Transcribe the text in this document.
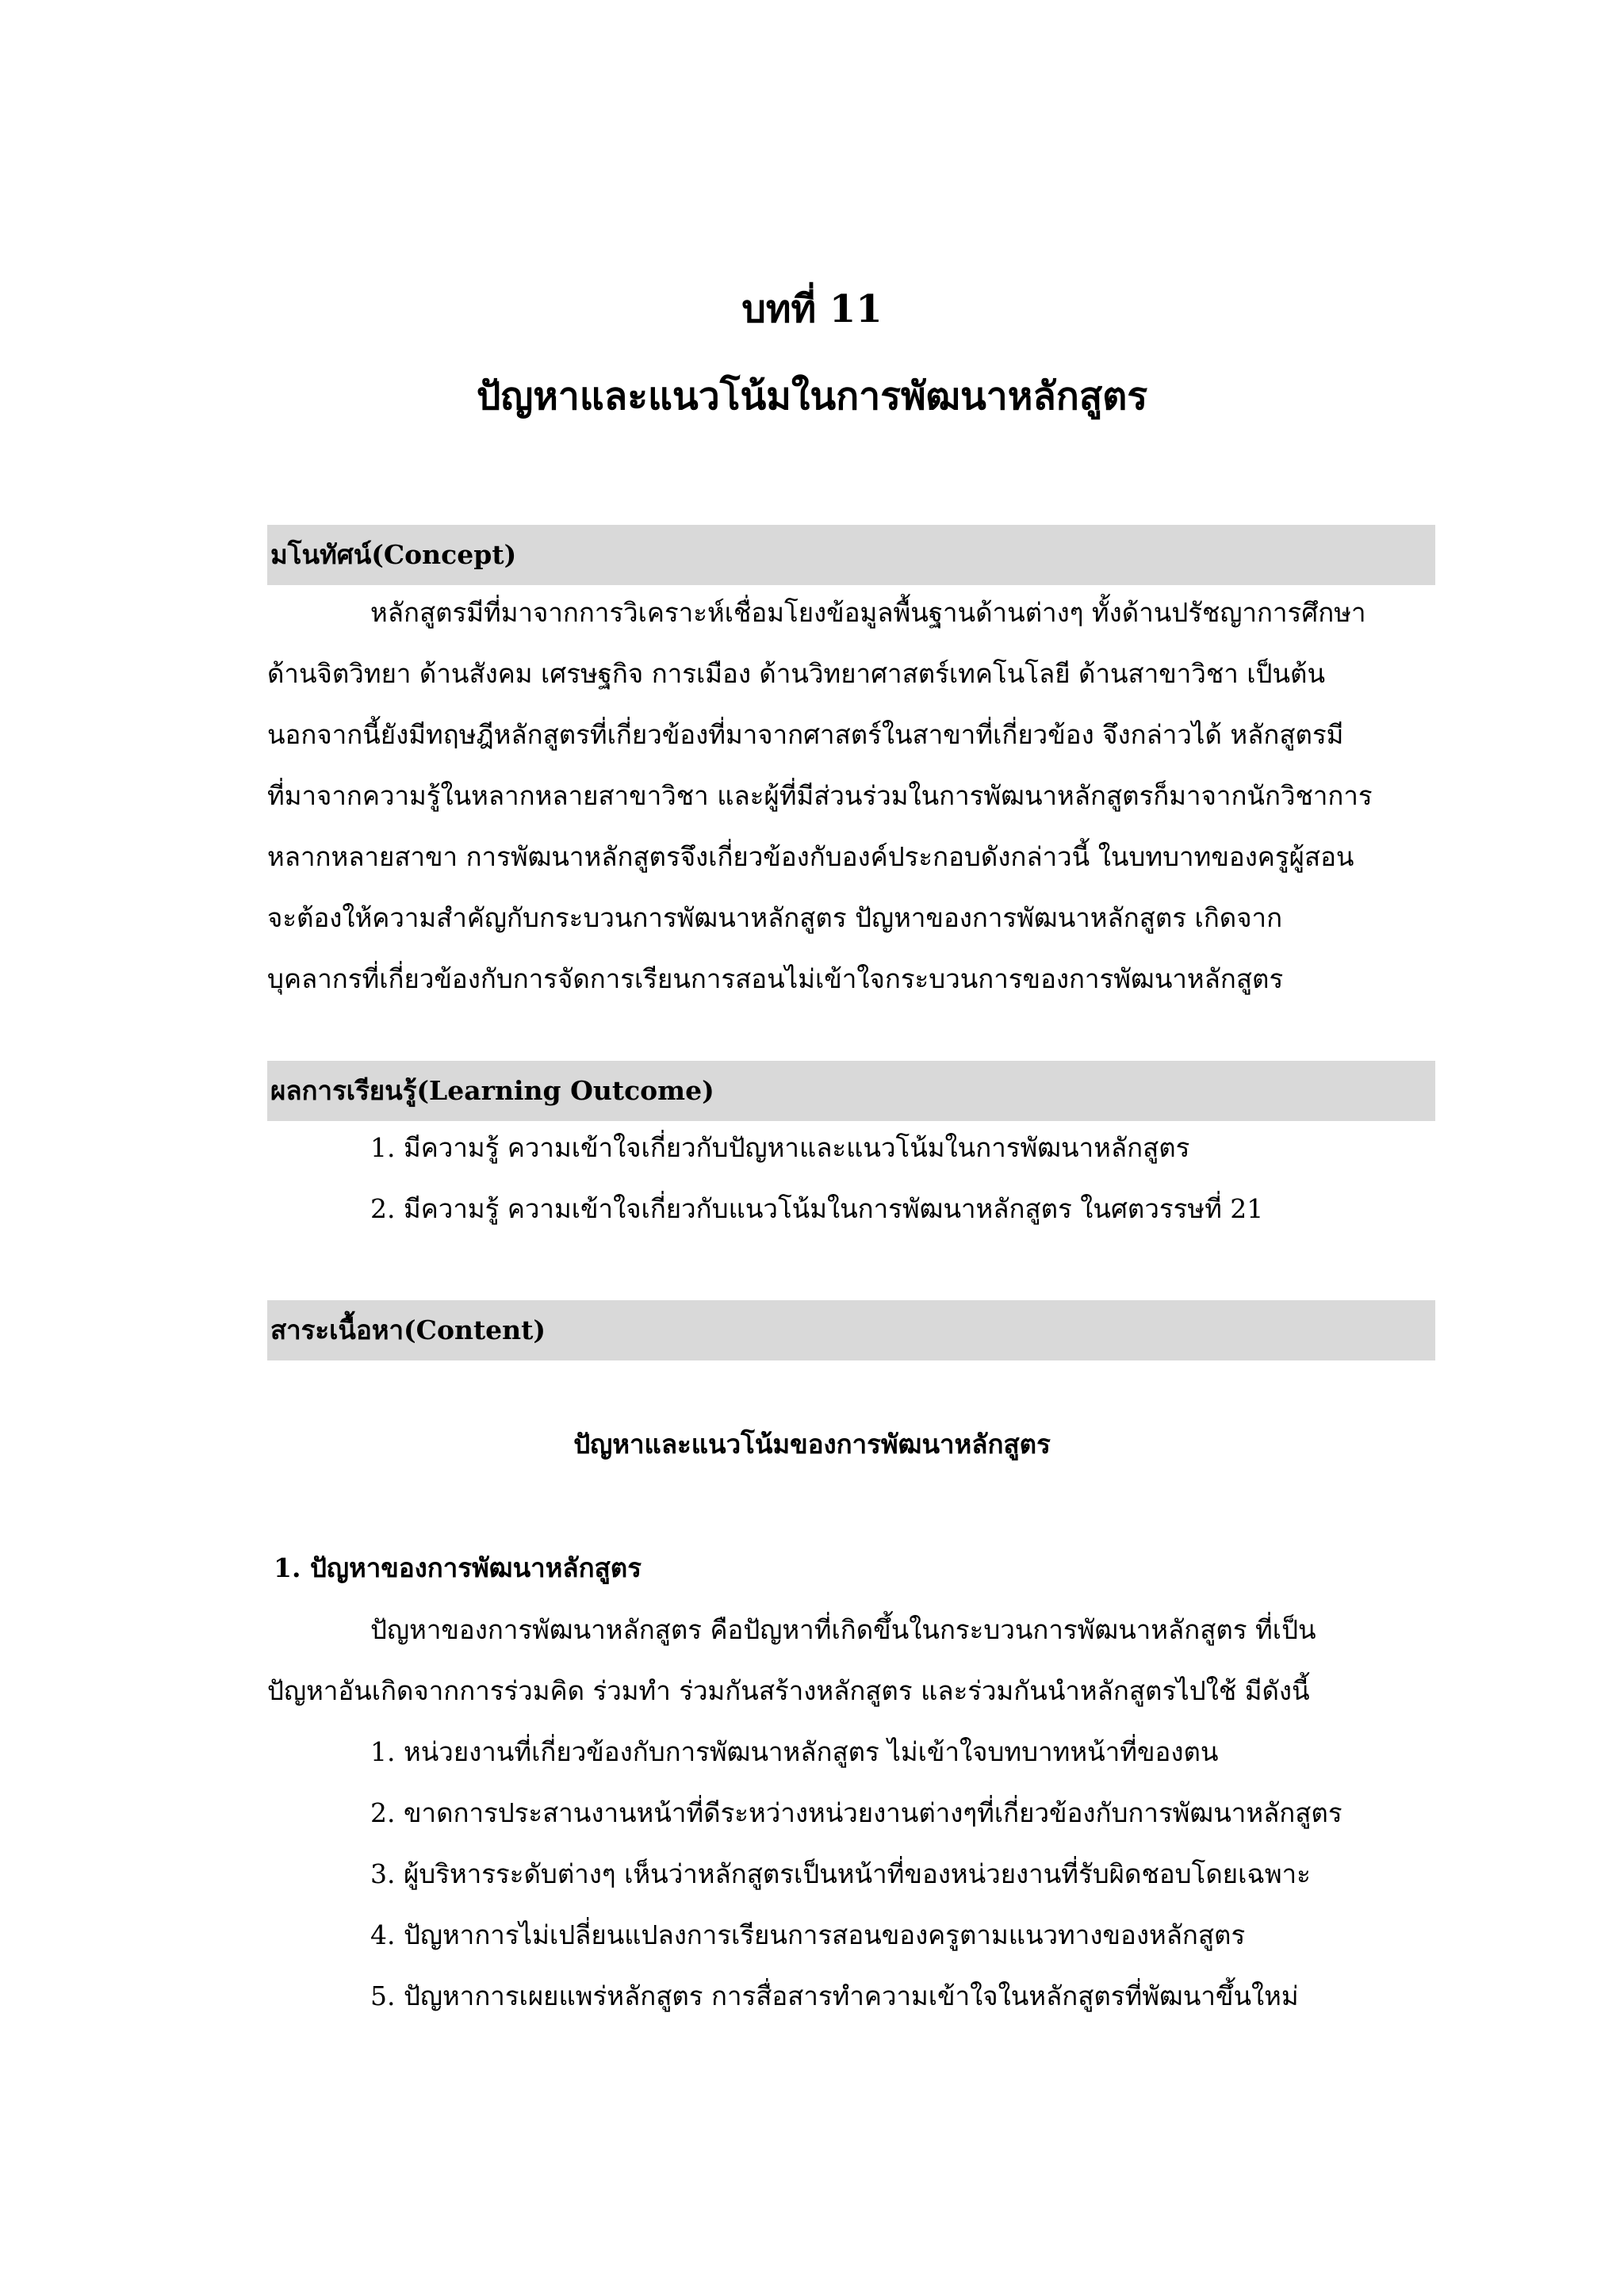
บทที่ 11
ปัญหาและแนวโน้มในการพัฒนาหลักสูตร
มโนทัศน์(Concept)
หลักสูตรมีที่มาจากการวิเคราะห์เชื่อมโยงข้อมูลพื้นฐานด้านต่างๆ ทั้งด้านปรัชญาการศึกษา
ด้านจิตวิทยา ด้านสังคม เศรษฐกิจ การเมือง ด้านวิทยาศาสตร์เทคโนโลยี ด้านสาขาวิชา เป็นต้น
นอกจากนี้ยังมีทฤษฎีหลักสูตรที่เกี่ยวข้องที่มาจากศาสตร์ในสาขาที่เกี่ยวข้อง จึงกล่าวได้ หลักสูตรมี
ที่มาจากความรู้ในหลากหลายสาขาวิชา และผู้ที่มีส่วนร่วมในการพัฒนาหลักสูตรก็มาจากนักวิชาการ
หลากหลายสาขา การพัฒนาหลักสูตรจึงเกี่ยวข้องกับองค์ประกอบดังกล่าวนี้ ในบทบาทของครูผู้สอน
จะต้องให้ความสำคัญกับกระบวนการพัฒนาหลักสูตร ปัญหาของการพัฒนาหลักสูตร เกิดจาก
บุคลากรที่เกี่ยวข้องกับการจัดการเรียนการสอนไม่เข้าใจกระบวนการของการพัฒนาหลักสูตร
ผลการเรียนรู้(Learning Outcome)
1. มีความรู้ ความเข้าใจเกี่ยวกับปัญหาและแนวโน้มในการพัฒนาหลักสูตร
2. มีความรู้ ความเข้าใจเกี่ยวกับแนวโน้มในการพัฒนาหลักสูตร ในศตวรรษที่ 21
สาระเนื้อหา(Content)
ปัญหาและแนวโน้มของการพัฒนาหลักสูตร
1. ปัญหาของการพัฒนาหลักสูตร
ปัญหาของการพัฒนาหลักสูตร คือปัญหาที่เกิดขึ้นในกระบวนการพัฒนาหลักสูตร ที่เป็น
ปัญหาอันเกิดจากการร่วมคิด ร่วมทำ ร่วมกันสร้างหลักสูตร และร่วมกันนำหลักสูตรไปใช้ มีดังนี้
1. หน่วยงานที่เกี่ยวข้องกับการพัฒนาหลักสูตร ไม่เข้าใจบทบาทหน้าที่ของตน
2. ขาดการประสานงานหน้าที่ดีระหว่างหน่วยงานต่างๆที่เกี่ยวข้องกับการพัฒนาหลักสูตร
3. ผู้บริหารระดับต่างๆ เห็นว่าหลักสูตรเป็นหน้าที่ของหน่วยงานที่รับผิดชอบโดยเฉพาะ
4. ปัญหาการไม่เปลี่ยนแปลงการเรียนการสอนของครูตามแนวทางของหลักสูตร
5. ปัญหาการเผยแพร่หลักสูตร การสื่อสารทำความเข้าใจในหลักสูตรที่พัฒนาขึ้นใหม่
